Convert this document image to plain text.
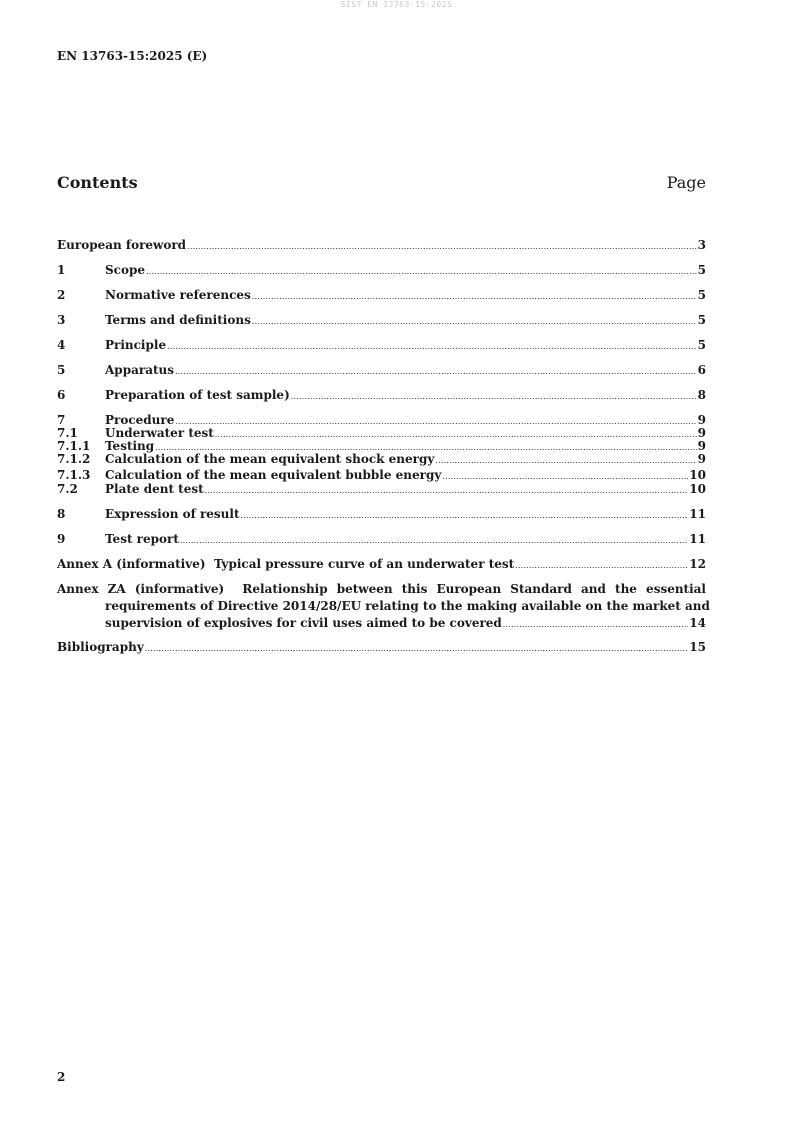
SIST EN 13763-15:2025
EN 13763-15:2025 (E)
Contents	Page
European foreword .....	3
1	Scope .....	5
2	Normative references .....	5
3	Terms and definitions .....	5
4	Principle .....	5
5	Apparatus .....	6
6	Preparation of test sample) .....	8
7	Procedure .....	9
7.1	Underwater test .....	9
7.1.1	Testing .....	9
7.1.2	Calculation of the mean equivalent shock energy .....	9
7.1.3	Calculation of the mean equivalent bubble energy .....	10
7.2	Plate dent test .....	10
8	Expression of result .....	11
9	Test report .....	11
Annex A (informative)  Typical pressure curve of an underwater test .....	12
Annex ZA (informative)  Relationship between this European Standard and the essential
requirements of Directive 2014/28/EU relating to the making available on the market and
supervision of explosives for civil uses aimed to be covered .....	14
Bibliography .....	15
2
